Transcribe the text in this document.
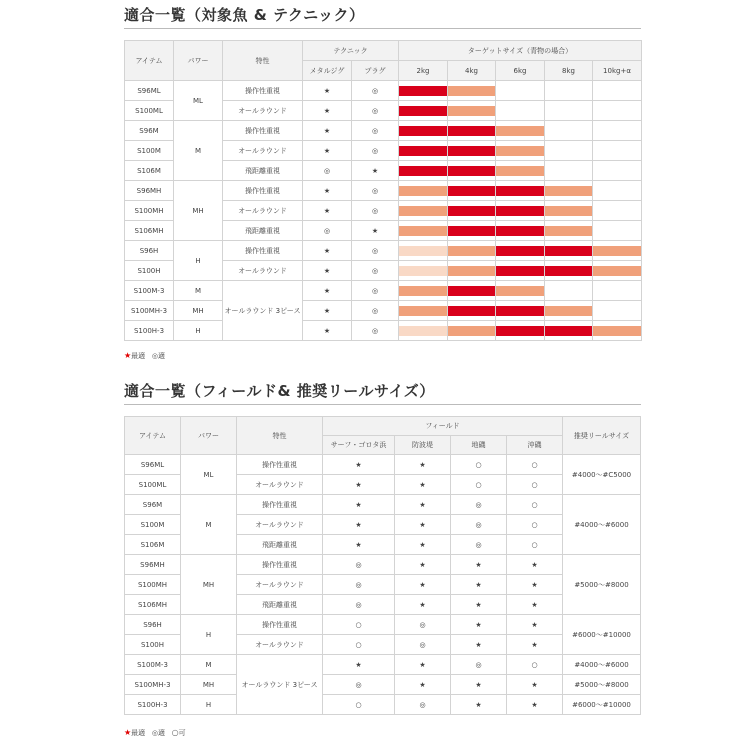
適合一覧（対象魚 & テクニック）
アイテム	パワー	特性	テクニック		ターゲットサイズ（青物の場合）				
			メタルジグ	プラグ	2kg	4kg	6kg	8kg	10kg+α
S96ML	ML	操作性重視	★	◎	

S100ML		オールラウンド	★	◎	

S96M	M	操作性重視	★	◎	

S100M		オールラウンド	★	◎	

S106M		飛距離重視	◎	★	

S96MH	MH	操作性重視	★	◎	

S100MH		オールラウンド	★	◎	

S106MH		飛距離重視	◎	★	

S96H	H	操作性重視	★	◎	

S100H		オールラウンド	★	◎	

S100M-3	M	オールラウンド 3ピース	★	◎	

S100MH-3	MH		★	◎	

S100H-3	H		★	◎	

★最適 ◎適
適合一覧（フィールド& 推奨リールサイズ）
アイテム	パワー	特性	フィールド				推奨リールサイズ
			サーフ・ゴロタ浜	防波堤	地磯	沖磯	
S96ML	ML	操作性重視	★	★	○	○	#4000～#C5000
S100ML		オールラウンド	★	★	○	○	
S96M	M	操作性重視	★	★	◎	○	#4000～#6000
S100M		オールラウンド	★	★	◎	○	
S106M		飛距離重視	★	★	◎	○	
S96MH	MH	操作性重視	◎	★	★	★	#5000～#8000
S100MH		オールラウンド	◎	★	★	★	
S106MH		飛距離重視	◎	★	★	★	
S96H	H	操作性重視	○	◎	★	★	#6000～#10000
S100H		オールラウンド	○	◎	★	★	
S100M-3	M	オールラウンド 3ピース	★	★	◎	○	#4000～#6000
S100MH-3	MH		◎	★	★	★	#5000～#8000
S100H-3	H		○	◎	★	★	#6000～#10000
★最適 ◎適 ○可
